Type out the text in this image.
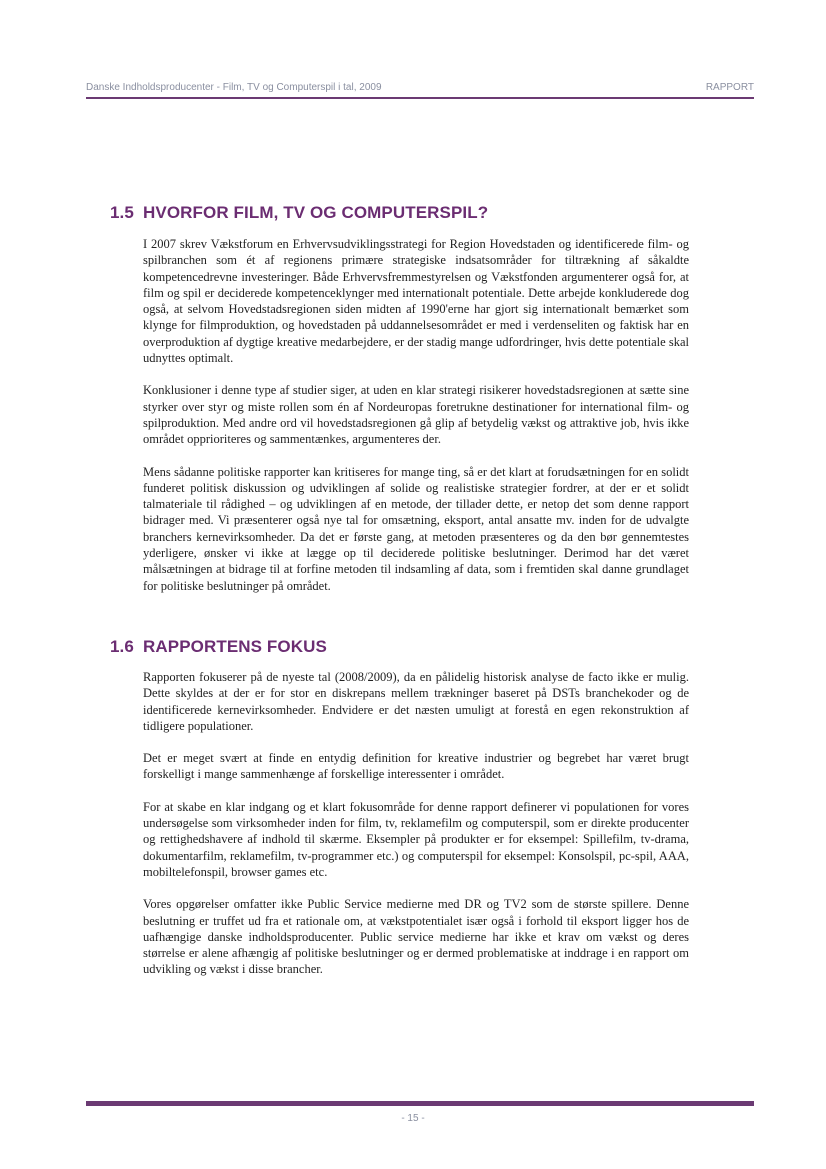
Danske Indholdsproducenter - Film, TV og Computerspil i tal, 2009	RAPPORT
1.5 HVORFOR FILM, TV OG COMPUTERSPIL?

I 2007 skrev Vækstforum en Erhvervsudviklingsstrategi for Region Hovedstaden og identificerede film- og spilbranchen som ét af regionens primære strategiske indsatsområder for tiltrækning af såkaldte kompetencedrevne investeringer. Både Erhvervsfremmestyrelsen og Vækstfonden argumenterer også for, at film og spil er deciderede kompetenceklynger med internationalt potentiale. Dette arbejde konkluderede dog også, at selvom Hovedstadsregionen siden midten af 1990'erne har gjort sig internationalt bemærket som klynge for filmproduktion, og hovedstaden på uddannelsesområdet er med i verdenseliten og faktisk har en overproduktion af dygtige kreative medarbejdere, er der stadig mange udfordringer, hvis dette potentiale skal udnyttes optimalt.

Konklusioner i denne type af studier siger, at uden en klar strategi risikerer hovedstadsregionen at sætte sine styrker over styr og miste rollen som én af Nordeuropas foretrukne destinationer for international film- og spilproduktion. Med andre ord vil hovedstadsregionen gå glip af betydelig vækst og attraktive job, hvis ikke området opprioriteres og sammentænkes, argumenteres der.

Mens sådanne politiske rapporter kan kritiseres for mange ting, så er det klart at forudsætningen for en solidt funderet politisk diskussion og udviklingen af solide og realistiske strategier fordrer, at der er et solidt talmateriale til rådighed – og udviklingen af en metode, der tillader dette, er netop det som denne rapport bidrager med. Vi præsenterer også nye tal for omsætning, eksport, antal ansatte mv. inden for de udvalgte branchers kernevirksomheder. Da det er første gang, at metoden præsenteres og da den bør gennemtestes yderligere, ønsker vi ikke at lægge op til deciderede politiske beslutninger. Derimod har det været målsætningen at bidrage til at forfine metoden til indsamling af data, som i fremtiden skal danne grundlaget for politiske beslutninger på området.

1.6 RAPPORTENS FOKUS

Rapporten fokuserer på de nyeste tal (2008/2009), da en pålidelig historisk analyse de facto ikke er mulig. Dette skyldes at der er for stor en diskrepans mellem trækninger baseret på DSTs branchekoder og de identificerede kernevirksomheder. Endvidere er det næsten umuligt at forestå en egen rekonstruktion af tidligere populationer.

Det er meget svært at finde en entydig definition for kreative industrier og begrebet har været brugt forskelligt i mange sammenhænge af forskellige interessenter i området.

For at skabe en klar indgang og et klart fokusområde for denne rapport definerer vi populationen for vores undersøgelse som virksomheder inden for film, tv, reklamefilm og computerspil, som er direkte producenter og rettighedshavere af indhold til skærme. Eksempler på produkter er for eksempel: Spillefilm, tv-drama, dokumentarfilm, reklamefilm, tv-programmer etc.) og computerspil for eksempel: Konsolspil, pc-spil, AAA, mobiltelefonspil, browser games etc.

Vores opgørelser omfatter ikke Public Service medierne med DR og TV2 som de største spillere. Denne beslutning er truffet ud fra et rationale om, at vækstpotentialet især også i forhold til eksport ligger hos de uafhængige danske indholdsproducenter. Public service medierne har ikke et krav om vækst og deres størrelse er alene afhængig af politiske beslutninger og er dermed problematiske at inddrage i en rapport om udvikling og vækst i disse brancher.

- 15 -
